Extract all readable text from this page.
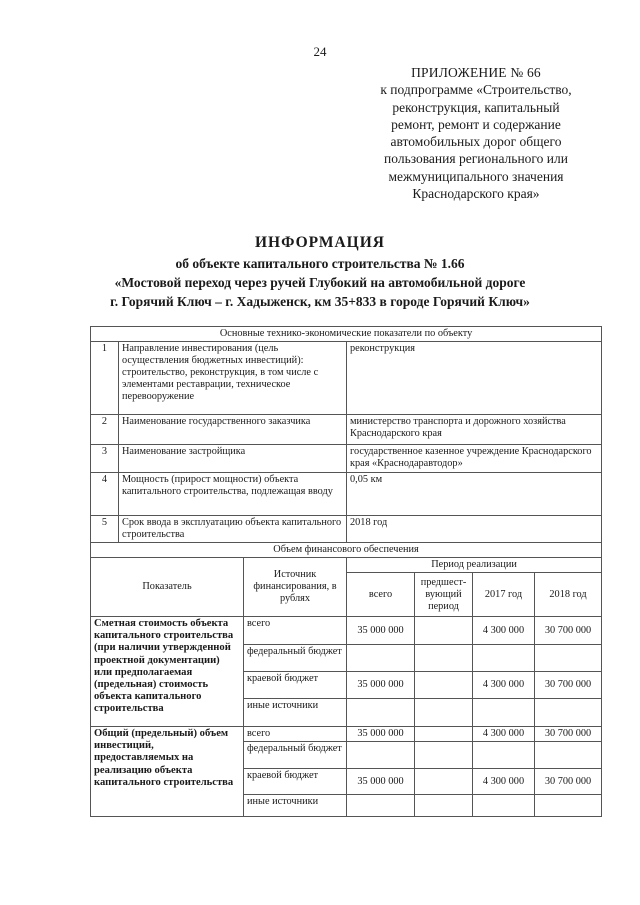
24
ПРИЛОЖЕНИЕ № 66
к подпрограмме «Строительство,
реконструкция, капитальный
ремонт, ремонт и содержание
автомобильных дорог общего
пользования регионального или
межмуниципального значения
Краснодарского края»
ИНФОРМАЦИЯ
об объекте капитального строительства № 1.66
«Мостовой переход через ручей Глубокий на автомобильной дороге
г. Горячий Ключ – г. Хадыженск, км 35+833 в городе Горячий Ключ»
Основные технико-экономические показатели по объекту						
1	Направление инвестирования (цель осуществления бюджетных инвестиций): строительство, реконструкция, в том числе с элементами реставрации, техническое перевооружение		реконструкция			
2	Наименование государственного заказчика		министерство транспорта и дорожного хозяйства Краснодарского края			
3	Наименование застройщика		государственное казенное учреждение Краснодарского края «Краснодаравтодор»			
4	Мощность (прирост мощности) объекта капитального строительства, подлежащая вводу		0,05 км			
5	Срок ввода в эксплуатацию объекта капитального строительства		2018 год			
Объем финансового обеспечения						
Показатель		Источник финансирования, в рублях	Период реализации			
			всего	предшест-вующий период	2017 год	2018 год
Сметная стоимость объекта капитального строительства (при наличии утвержденной проектной документации) или предполагаемая (предельная) стоимость объекта капитального строительства		всего	35 000 000		4 300 000	30 700 000
		федеральный бюджет				
		краевой бюджет	35 000 000		4 300 000	30 700 000
		иные источники				
Общий (предельный) объем инвестиций, предоставляемых на реализацию объекта капитального строительства		всего	35 000 000		4 300 000	30 700 000
		федеральный бюджет				
		краевой бюджет	35 000 000		4 300 000	30 700 000
		иные источники				
